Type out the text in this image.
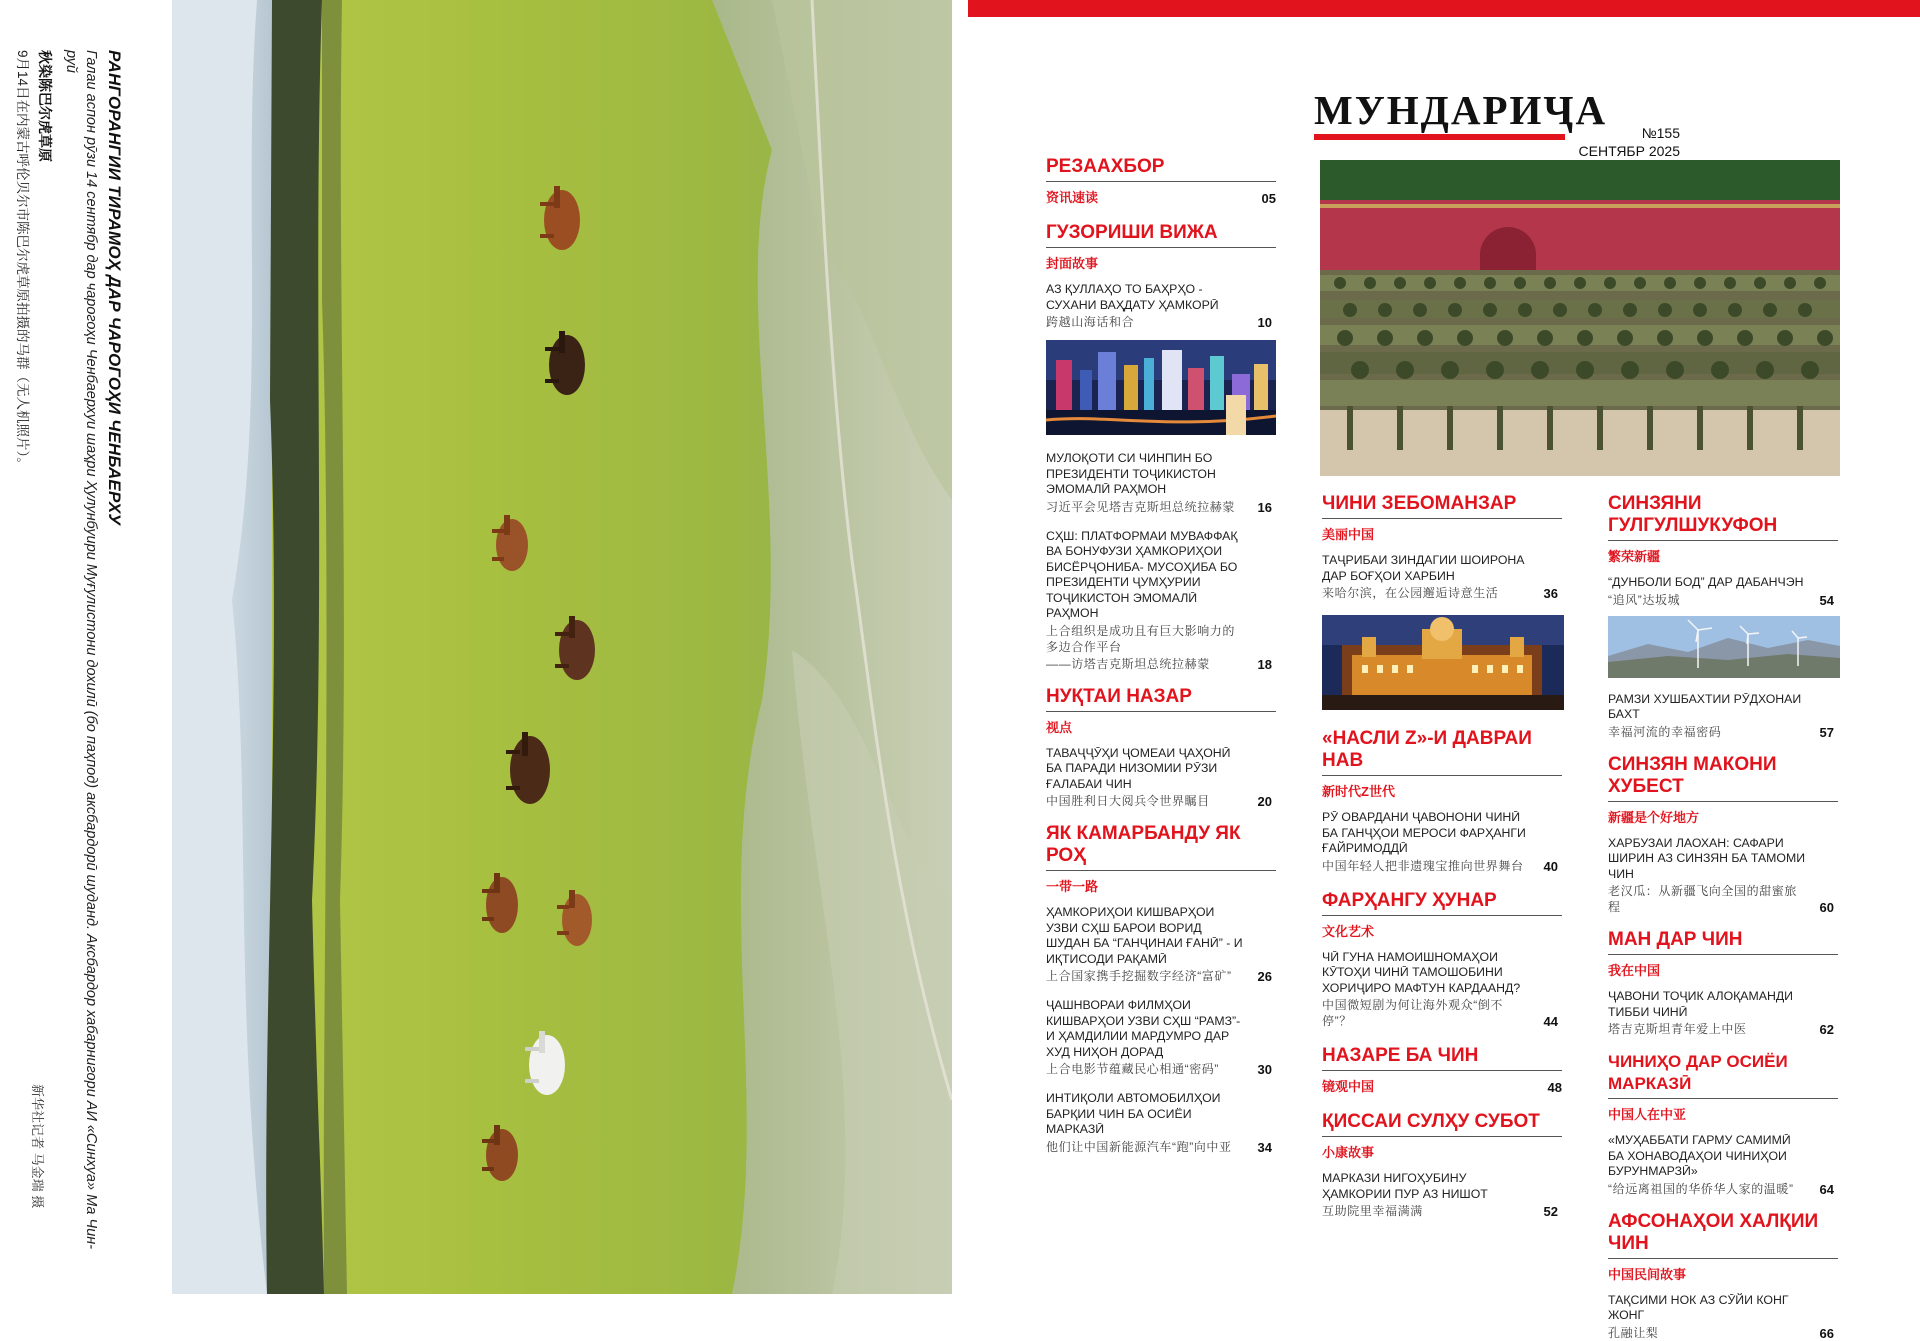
РАНГОРАНГИИ ТИРАМОҲ ДАР ЧАРОГОҲИ ЧЕНБАЕРХУ

Галаи аспон рӯзи 14 сентябр дар чарогоҳи Ченбаерхуи шаҳри Ҳулунбуири Муғулистони дохилӣ (бо паҳпод) аксбардорӣ шуданд. Аксбардор хабарнигори АИ «Синхуа» Ма Чин-руй

秋染陈巴尔虎草原

9月14日在内蒙古呼伦贝尔市陈巴尔虎草原拍摄的马群（无人机照片）。

新华社记者 马金瑞 摄
МУНДАРИҶА	№155
СЕНТЯБР 2025
РЕЗААХБОР
资讯速读	05
ГУЗОРИШИ ВИЖА
封面故事
АЗ ҚУЛЛАҲО ТО БАҲРҲО - СУХАНИ ВАҲДАТУ ҲАМКОРӢ
跨越山海话和合	10
МУЛОҚОТИ СИ ЧИНПИН БО ПРЕЗИДЕНТИ ТОҶИКИСТОН ЭМОМАЛӢ РАҲМОН
习近平会见塔吉克斯坦总统拉赫蒙	16
СҲШ: ПЛАТФОРМАИ МУВАФФАҚ ВА БОНУФУЗИ ҲАМКОРИҲОИ БИСЁРҶОНИБА- МУСОҲИБА БО ПРЕЗИДЕНТИ ҶУМҲУРИИ ТОҶИКИСТОН ЭМОМАЛӢ РАҲМОН
上合组织是成功且有巨大影响力的多边合作平台
——访塔吉克斯坦总统拉赫蒙	18
НУҚТАИ НАЗАР
视点
ТАВАҶҶӮҲИ ҶОМЕАИ ҶАҲОНӢ БА ПАРАДИ НИЗОМИИ РӮЗИ ҒАЛАБАИ ЧИН
中国胜利日大阅兵令世界瞩目	20
ЯК КАМАРБАНДУ ЯК РОҲ
一带一路
ҲАМКОРИҲОИ КИШВАРҲОИ УЗВИ СҲШ БАРОИ ВОРИД ШУДАН БА “ГАНҶИНАИ ҒАНӢ” - И ИҚТИСОДИ РАҚАМӢ
上合国家携手挖掘数字经济“富矿”	26
ҶАШНВОРАИ ФИЛМҲОИ КИШВАРҲОИ УЗВИ СҲШ “РАМЗ”-И ҲАМДИЛИИ МАРДУМРО ДАР ХУД НИҲОН ДОРАД
上合电影节蕴藏民心相通“密码”	30
ИНТИҚОЛИ АВТОМОБИЛҲОИ БАРҚИИ ЧИН БА ОСИЁИ МАРКАЗӢ
他们让中国新能源汽车“跑”向中亚	34
ЧИНИ ЗЕБОМАНЗАР
美丽中国
ТАҶРИБАИ ЗИНДАГИИ ШОИРОНА ДАР БОҒҲОИ ХАРБИН
来哈尔滨，在公园邂逅诗意生活	36
«НАСЛИ Z»-И ДАВРАИ НАВ
新时代Z世代
РӮ ОВАРДАНИ ҶАВОНОНИ ЧИНӢ БА ГАНҶҲОИ МЕРОСИ ФАРҲАНГИ ҒАЙРИМОДДӢ
中国年轻人把非遗瑰宝推向世界舞台	40
ФАРҲАНГУ ҲУНАР
文化艺术
ЧӢ ГУНА НАМОИШНОМАҲОИ КӮТОҲИ ЧИНӢ ТАМОШОБИНИ ХОРИҶИРО МАФТУН КАРДААНД?
中国微短剧为何让海外观众“倒不停”？	44
НАЗАРЕ БА ЧИН
镜观中国	48
ҚИССАИ СУЛҲУ СУБОТ
小康故事
МАРКАЗИ НИГОҲУБИНУ ҲАМКОРИИ ПУР АЗ НИШОТ
互助院里幸福满满	52
СИНЗЯНИ ГУЛГУЛШУКУФОН
繁荣新疆
“ДУНБОЛИ БОД” ДАР ДАБАНЧЭН
“追风”达坂城	54
РАМЗИ ХУШБАХТИИ РӮДХОНАИ БАХТ
幸福河流的幸福密码	57
СИНЗЯН МАКОНИ ХУБЕСТ
新疆是个好地方
ХАРБУЗАИ ЛАОХАН: САФАРИ ШИРИН АЗ СИНЗЯН БА ТАМОМИ ЧИН
老汉瓜：从新疆飞向全国的甜蜜旅程	60
МАН ДАР ЧИН
我在中国
ҶАВОНИ ТОҶИК АЛОҚАМАНДИ ТИББИ ЧИНӢ
塔吉克斯坦青年爱上中医	62
ЧИНИҲО ДАР ОСИЁИ МАРКАЗӢ
中国人在中亚
«МУҲАББАТИ ГАРМУ САМИМӢ БА ХОНАВОДАҲОИ ЧИНИҲОИ БУРУНМАРЗӢ»
“给远离祖国的华侨华人家的温暖”	64
АФСОНАҲОИ ХАЛҚИИ ЧИН
中国民间故事
ТАҚСИМИ НОК АЗ СӮЙИ КОНГ ЖОНГ
孔融让梨	66
